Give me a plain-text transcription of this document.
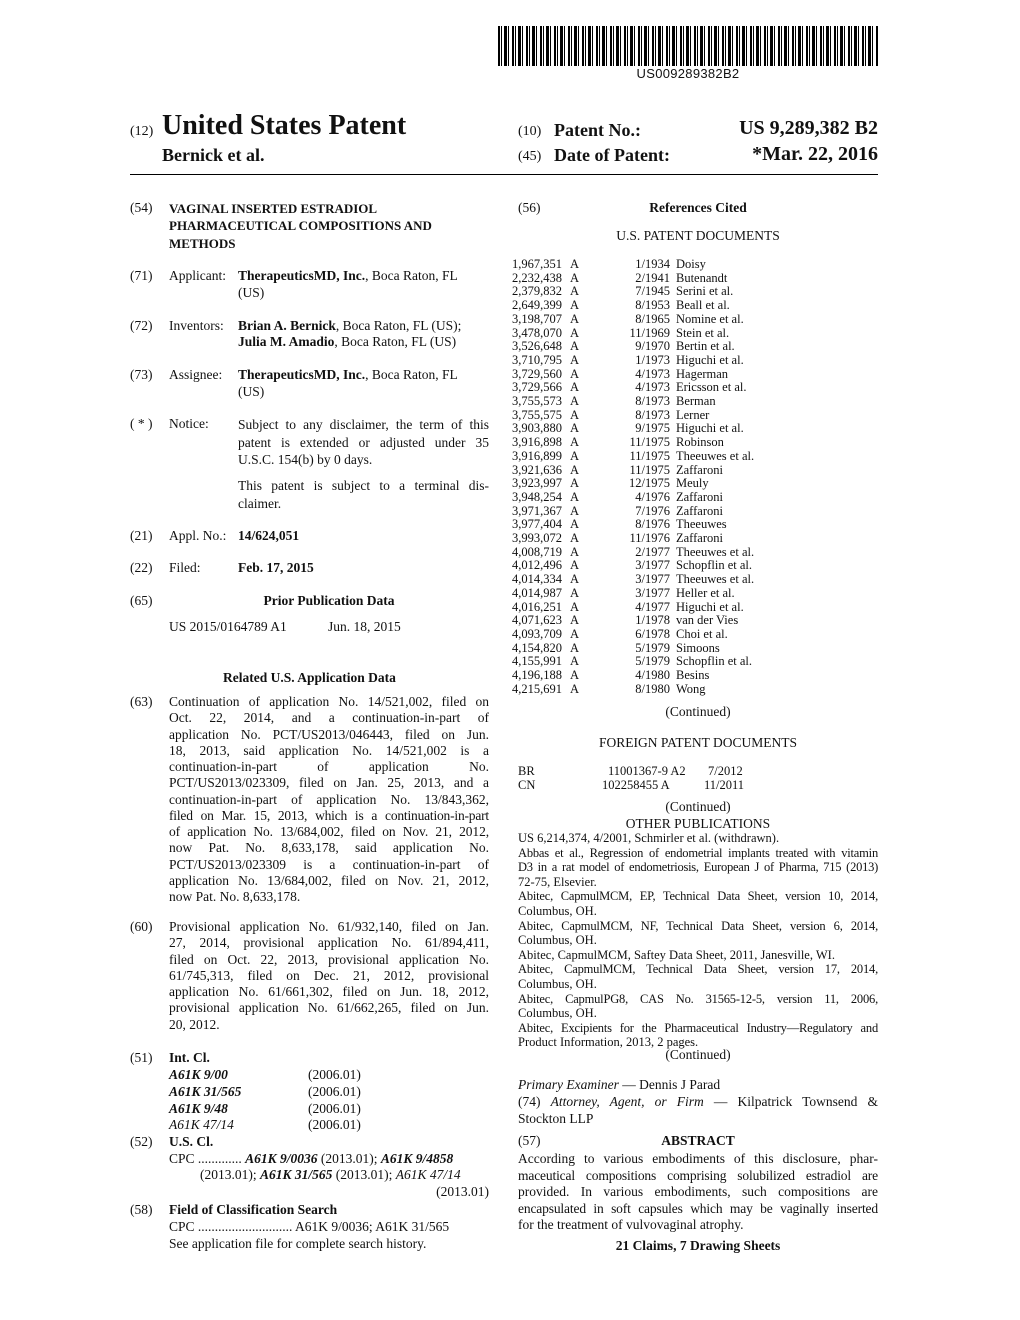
US009289382B2
(12) United States Patent
Bernick et al.
(10) Patent No.:	US 9,289,382 B2
(45) Date of Patent:	*Mar. 22, 2016
(54) VAGINAL INSERTED ESTRADIOL
PHARMACEUTICAL COMPOSITIONS AND
METHODS
(71) Applicant: TherapeuticsMD, Inc., Boca Raton, FL
(US)
(72) Inventors: Brian A. Bernick, Boca Raton, FL (US);
Julia M. Amadio, Boca Raton, FL (US)
(73) Assignee: TherapeuticsMD, Inc., Boca Raton, FL
(US)
( * ) Notice: Subject to any disclaimer, the term of this
patent is extended or adjusted under 35
U.S.C. 154(b) by 0 days.
This patent is subject to a terminal dis-
claimer.
(21) Appl. No.: 14/624,051
(22) Filed:	Feb. 17, 2015
(65)	Prior Publication Data
US 2015/0164789 A1	Jun. 18, 2015
Related U.S. Application Data
(63) Continuation of application No. 14/521,002, filed on
Oct. 22, 2014, and a continuation-in-part of
application No. PCT/US2013/046443, filed on Jun.
18, 2013, said application No. 14/521,002 is a
continuation-in-part of application No.
PCT/US2013/023309, filed on Jan. 25, 2013, and a
continuation-in-part of application No. 13/843,362,
filed on Mar. 15, 2013, which is a continuation-in-part
of application No. 13/684,002, filed on Nov. 21, 2012,
now Pat. No. 8,633,178, said application No.
PCT/US2013/023309 is a continuation-in-part of
application No. 13/684,002, filed on Nov. 21, 2012,
now Pat. No. 8,633,178.
(60) Provisional application No. 61/932,140, filed on Jan.
27, 2014, provisional application No. 61/894,411,
filed on Oct. 22, 2013, provisional application No.
61/745,313, filed on Dec. 21, 2012, provisional
application No. 61/661,302, filed on Jun. 18, 2012,
provisional application No. 61/662,265, filed on Jun.
20, 2012.
(51) Int. Cl.
A61K 9/00	(2006.01)
A61K 31/565	(2006.01)
A61K 9/48	(2006.01)
A61K 47/14	(2006.01)
(52) U.S. Cl.
CPC ............. A61K 9/0036 (2013.01); A61K 9/4858
(2013.01); A61K 31/565 (2013.01); A61K 47/14
(2013.01)
(58) Field of Classification Search
CPC ............................ A61K 9/0036; A61K 31/565
See application file for complete search history.
(56)	References Cited
U.S. PATENT DOCUMENTS
1,967,351 A	1/1934 Doisy
2,232,438 A	2/1941 Butenandt
2,379,832 A	7/1945 Serini et al.
2,649,399 A	8/1953 Beall et al.
3,198,707 A	8/1965 Nomine et al.
3,478,070 A	11/1969 Stein et al.
3,526,648 A	9/1970 Bertin et al.
3,710,795 A	1/1973 Higuchi et al.
3,729,560 A	4/1973 Hagerman
3,729,566 A	4/1973 Ericsson et al.
3,755,573 A	8/1973 Berman
3,755,575 A	8/1973 Lerner
3,903,880 A	9/1975 Higuchi et al.
3,916,898 A	11/1975 Robinson
3,916,899 A	11/1975 Theeuwes et al.
3,921,636 A	11/1975 Zaffaroni
3,923,997 A	12/1975 Meuly
3,948,254 A	4/1976 Zaffaroni
3,971,367 A	7/1976 Zaffaroni
3,977,404 A	8/1976 Theeuwes
3,993,072 A	11/1976 Zaffaroni
4,008,719 A	2/1977 Theeuwes et al.
4,012,496 A	3/1977 Schopflin et al.
4,014,334 A	3/1977 Theeuwes et al.
4,014,987 A	3/1977 Heller et al.
4,016,251 A	4/1977 Higuchi et al.
4,071,623 A	1/1978 van der Vies
4,093,709 A	6/1978 Choi et al.
4,154,820 A	5/1979 Simoons
4,155,991 A	5/1979 Schopflin et al.
4,196,188 A	4/1980 Besins
4,215,691 A	8/1980 Wong
(Continued)
FOREIGN PATENT DOCUMENTS
BR	11001367-9 A2 7/2012
CN	102258455 A	11/2011
(Continued)
OTHER PUBLICATIONS
US 6,214,374, 4/2001, Schmirler et al. (withdrawn).
Abbas et al., Regression of endometrial implants treated with vitamin
D3 in a rat model of endometriosis, European J of Pharma, 715 (2013)
72-75, Elsevier.
Abitec, CapmulMCM, EP, Technical Data Sheet, version 10, 2014,
Columbus, OH.
Abitec, CapmulMCM, NF, Technical Data Sheet, version 6, 2014,
Columbus, OH.
Abitec, CapmulMCM, Saftey Data Sheet, 2011, Janesville, WI.
Abitec, CapmulMCM, Technical Data Sheet, version 17, 2014,
Columbus, OH.
Abitec, CapmulPG8, CAS No. 31565-12-5, version 11, 2006,
Columbus, OH.
Abitec, Excipients for the Pharmaceutical Industry—Regulatory and
Product Information, 2013, 2 pages.
(Continued)
Primary Examiner — Dennis J Parad
(74) Attorney, Agent, or Firm — Kilpatrick Townsend &
Stockton LLP
(57)	ABSTRACT
According to various embodiments of this disclosure, phar-
maceutical compositions comprising solubilized estradiol are
provided. In various embodiments, such compositions are
encapsulated in soft capsules which may be vaginally inserted
for the treatment of vulvovaginal atrophy.
21 Claims, 7 Drawing Sheets
